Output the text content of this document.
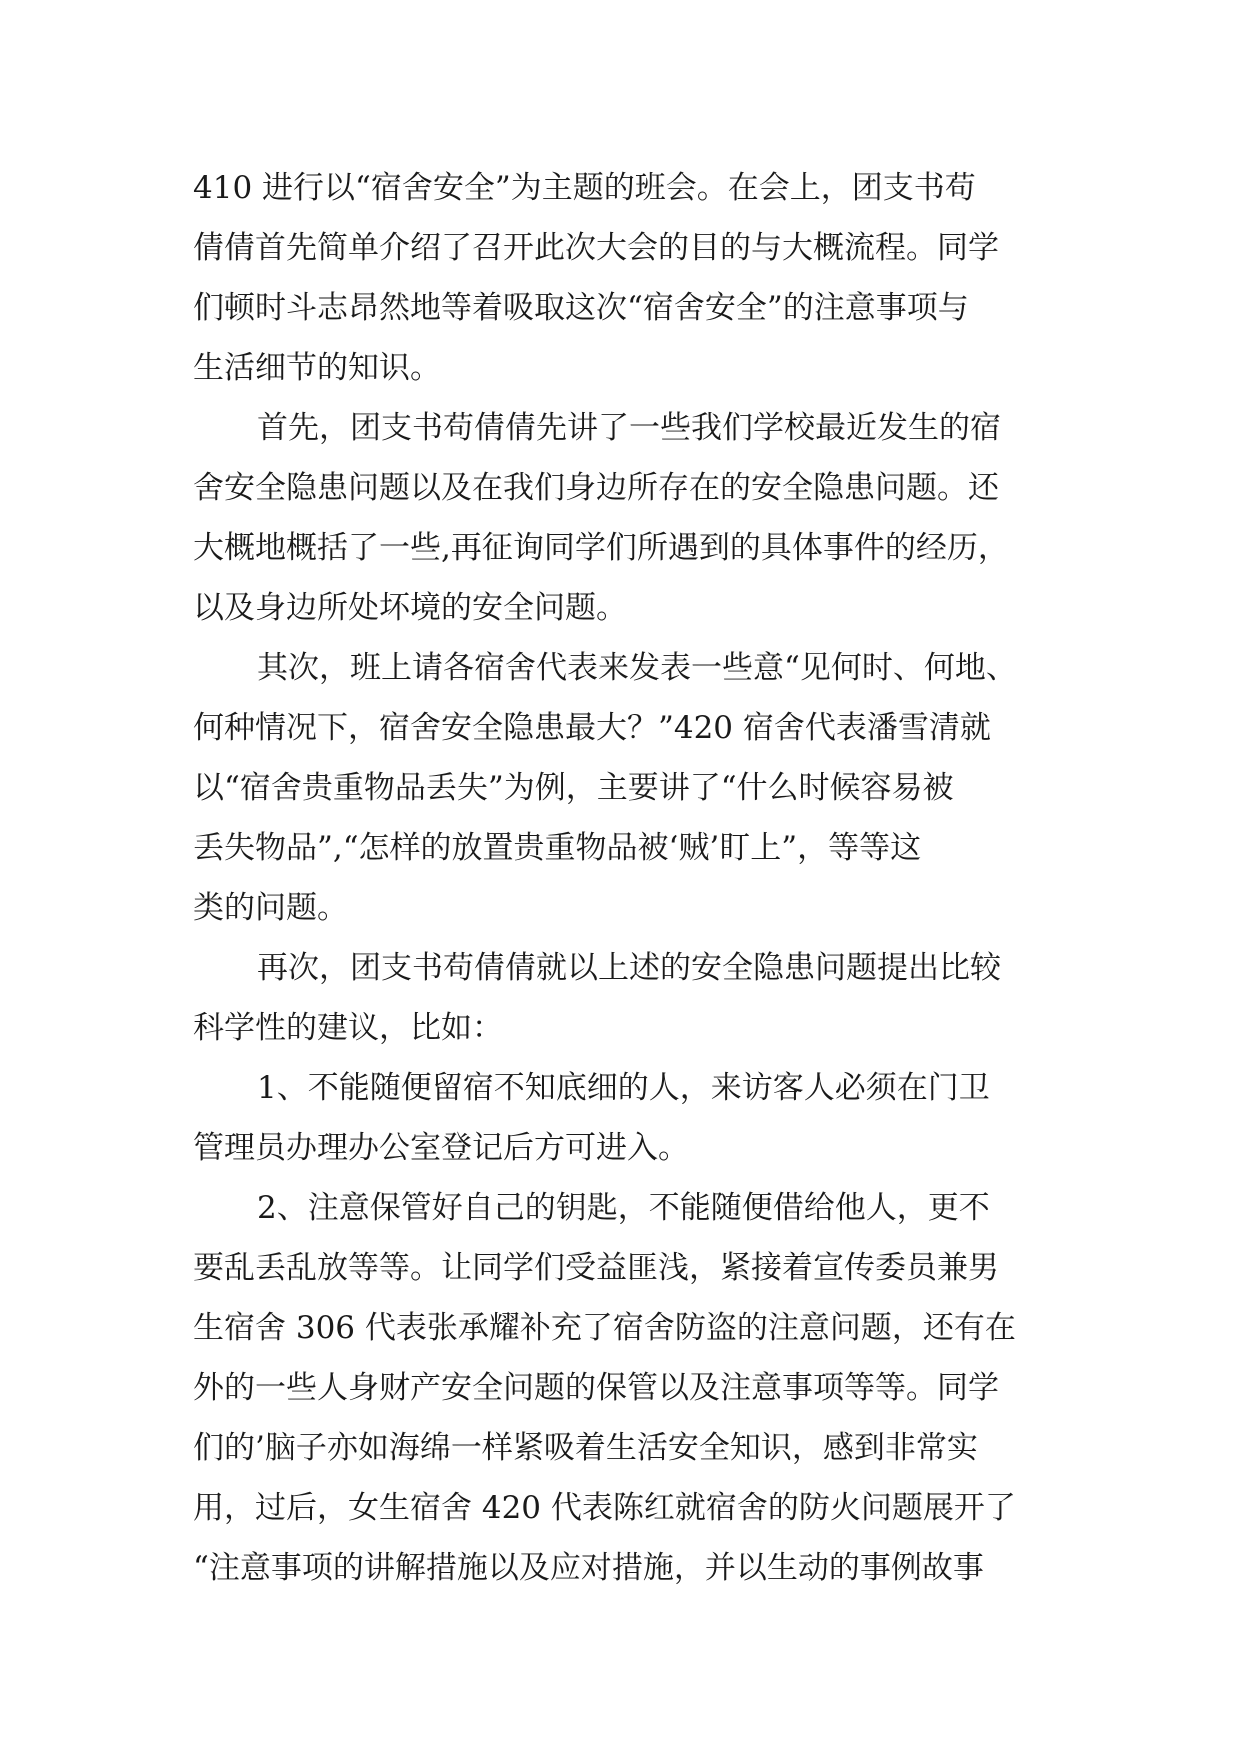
410 进行以“宿舍安全”为主题的班会。在会上，团支书苟
倩倩首先简单介绍了召开此次大会的目的与大概流程。同学
们顿时斗志昂然地等着吸取这次“宿舍安全”的注意事项与
生活细节的知识。
首先，团支书苟倩倩先讲了一些我们学校最近发生的宿
舍安全隐患问题以及在我们身边所存在的安全隐患问题。还
大概地概括了一些,再征询同学们所遇到的具体事件的经历，
以及身边所处坏境的安全问题。
其次，班上请各宿舍代表来发表一些意“见何时、何地、
何种情况下，宿舍安全隐患最大？”420 宿舍代表潘雪清就
以“宿舍贵重物品丢失”为例，主要讲了“什么时候容易被
丢失物品”,“怎样的放置贵重物品被‘贼’盯上”，等等这
类的问题。
再次，团支书苟倩倩就以上述的安全隐患问题提出比较
科学性的建议，比如：
1、不能随便留宿不知底细的人，来访客人必须在门卫
管理员办理办公室登记后方可进入。
2、注意保管好自己的钥匙，不能随便借给他人，更不
要乱丢乱放等等。让同学们受益匪浅，紧接着宣传委员兼男
生宿舍 306 代表张承耀补充了宿舍防盗的注意问题，还有在
外的一些人身财产安全问题的保管以及注意事项等等。同学
们的’脑子亦如海绵一样紧吸着生活安全知识，感到非常实
用，过后，女生宿舍 420 代表陈红就宿舍的防火问题展开了
“注意事项的讲解措施以及应对措施，并以生动的事例故事
